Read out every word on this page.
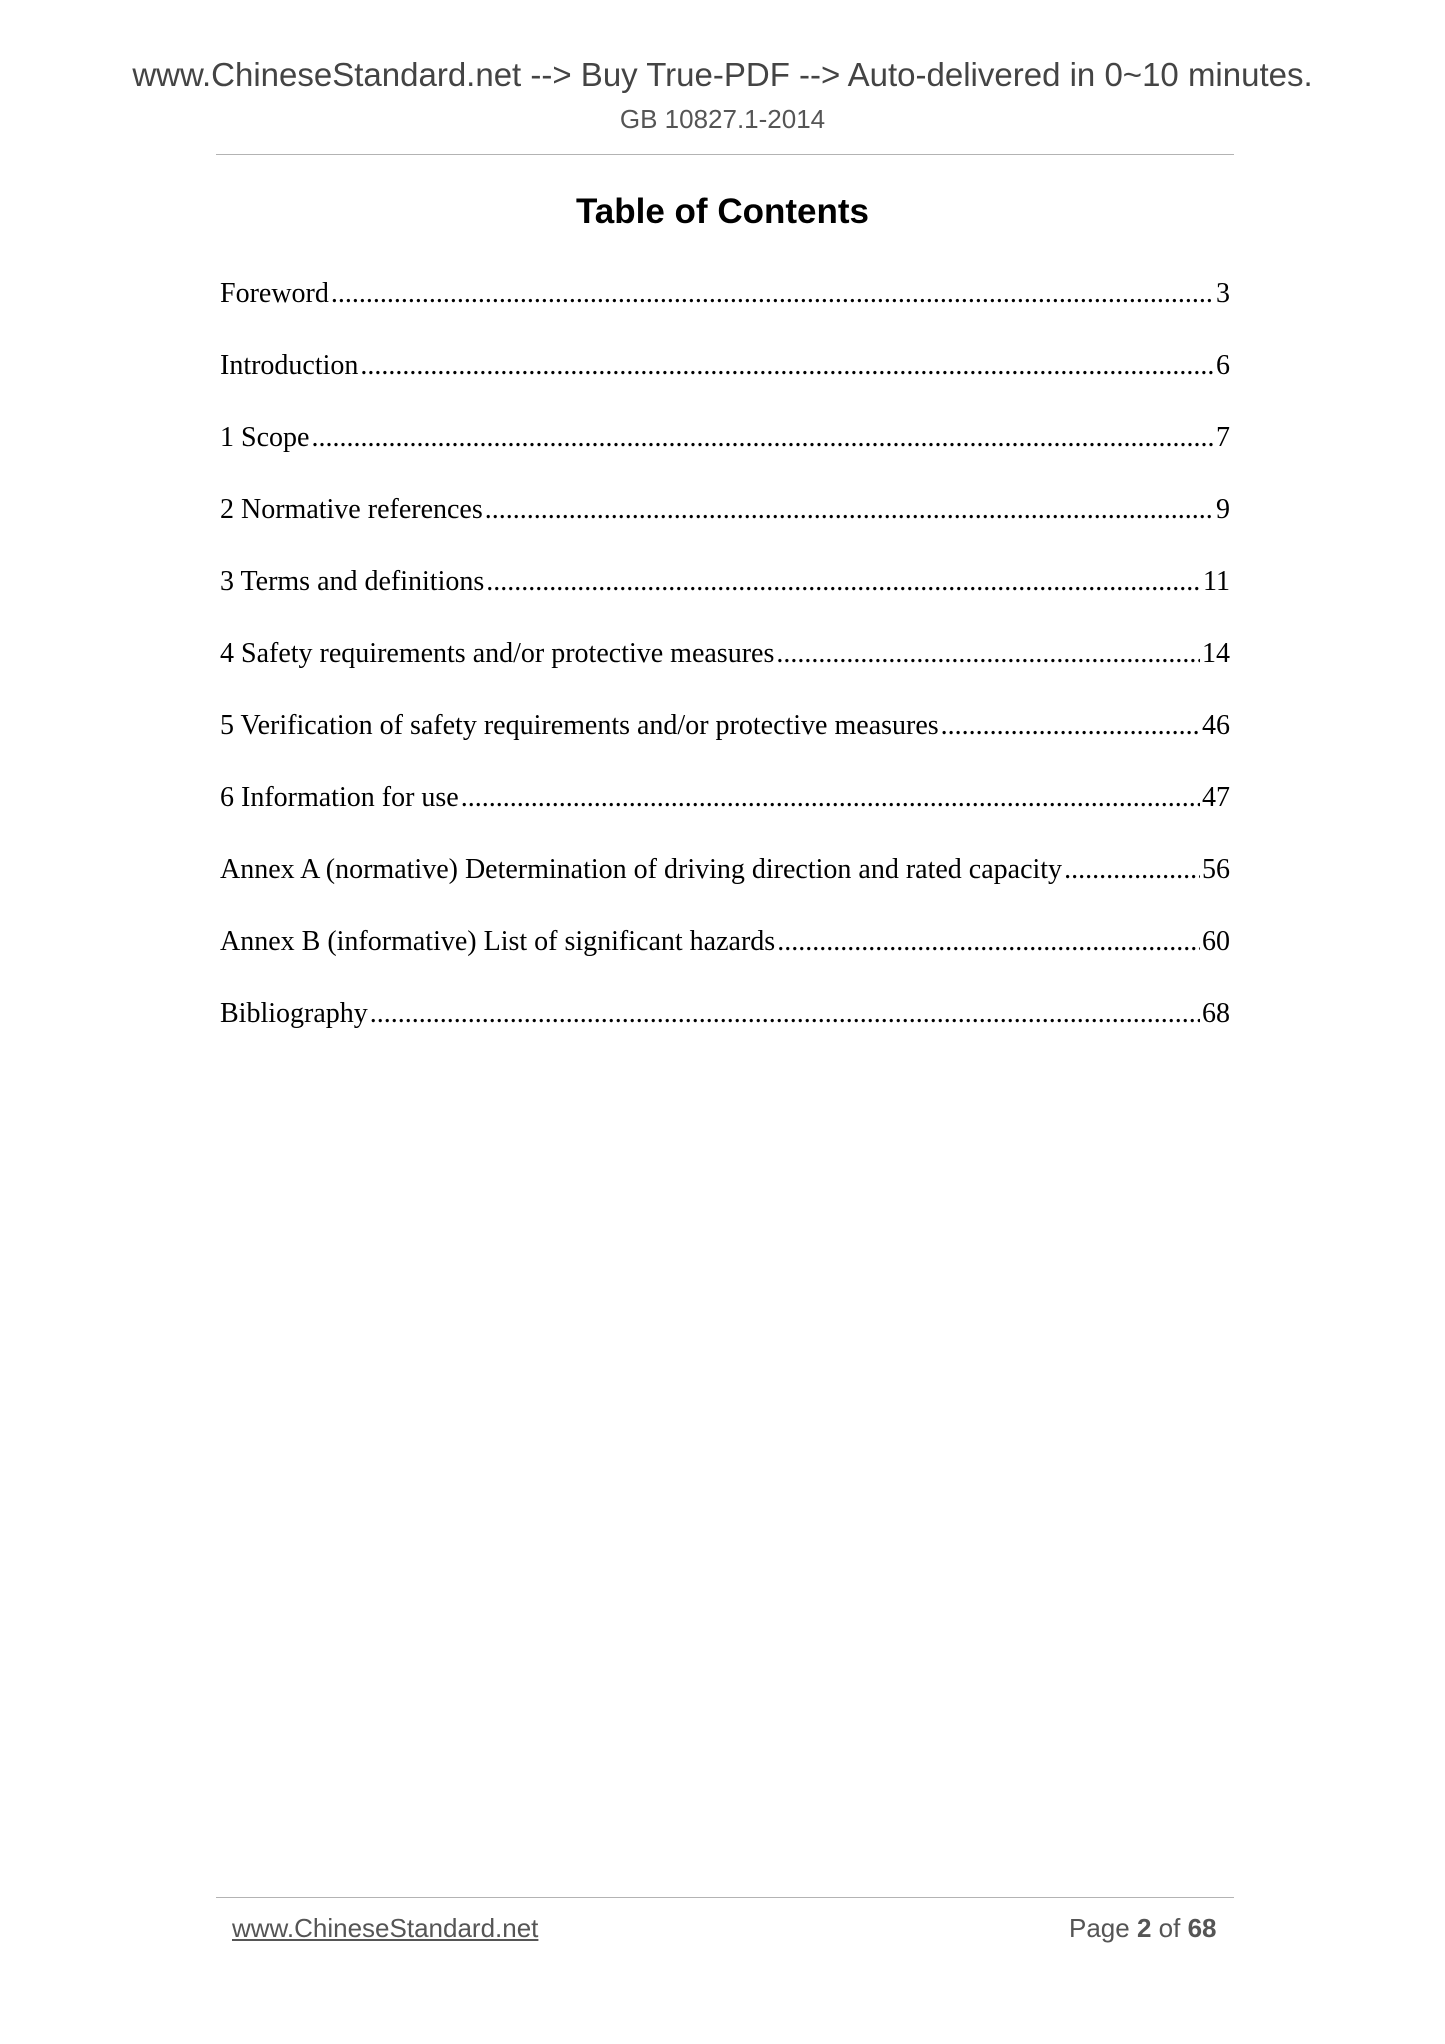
www.ChineseStandard.net --> Buy True-PDF --> Auto-delivered in 0~10 minutes.
GB 10827.1-2014
Table of Contents
Foreword .....	3
Introduction .....	6
1 Scope .....	7
2 Normative references .....	9
3 Terms and definitions .....	11
4 Safety requirements and/or protective measures .....	14
5 Verification of safety requirements and/or protective measures .....	46
6 Information for use .....	47
Annex A (normative) Determination of driving direction and rated capacity .....	56
Annex B (informative) List of significant hazards .....	60
Bibliography .....	68
www.ChineseStandard.net	Page 2 of 68
